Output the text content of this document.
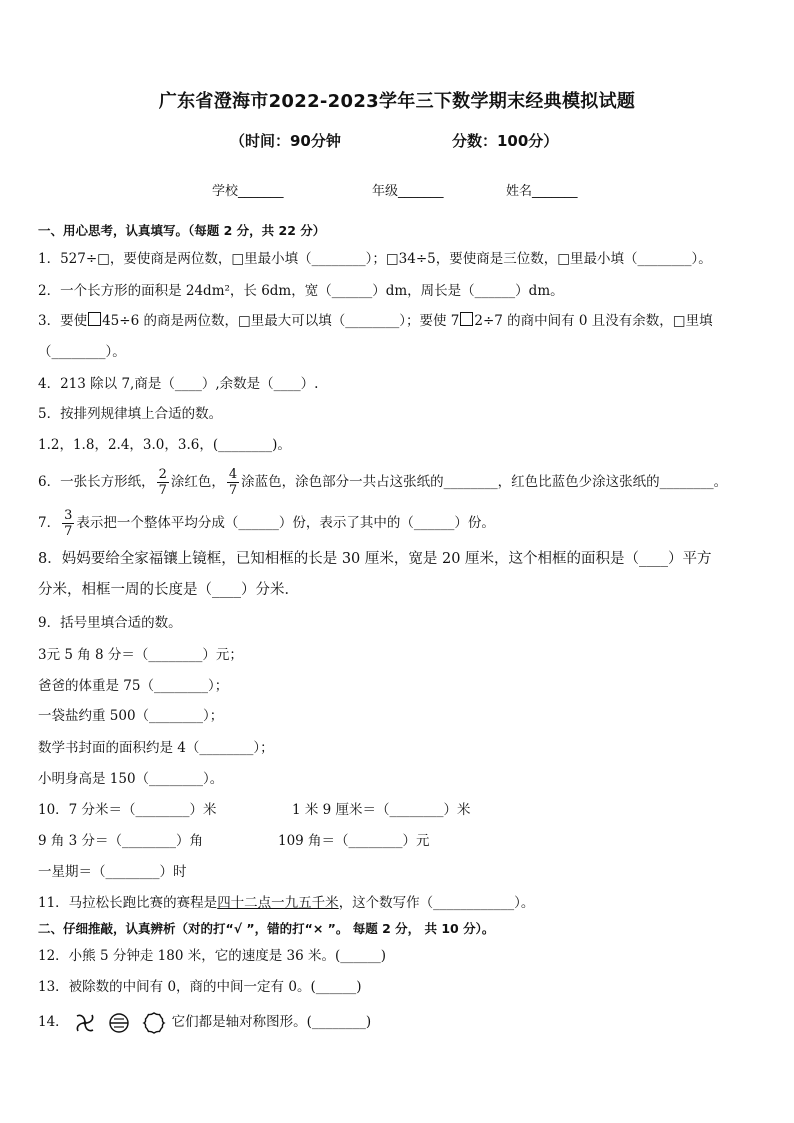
广东省澄海市2022-2023学年三下数学期末经典模拟试题
（时间：90分钟	分数：100分）
学校_______	年级_______	姓名_______
一、用心思考，认真填写。（每题 2 分，共 22 分）
1．527÷□，要使商是两位数，□里最小填（________）；□34÷5，要使商是三位数，□里最小填（________）。
2．一个长方形的面积是 24dm²，长 6dm，宽（______）dm，周长是（______）dm。
3．要使 45÷6 的商是两位数，□里最大可以填（________）；要使 7 2÷7 的商中间有 0 且没有余数，□里填
（________）。
4．213 除以 7,商是（____）,余数是（____）.
5．按排列规律填上合适的数。
1.2，1.8，2.4，3.0，3.6，(________)。
6．一张长方形纸， $\frac{2}{7}$ 涂红色， $\frac{4}{7}$ 涂蓝色，涂色部分一共占这张纸的________，红色比蓝色少涂这张纸的________。
7． $\frac{3}{7}$ 表示把一个整体平均分成（______）份，表示了其中的（______）份。
8．妈妈要给全家福镶上镜框，已知相框的长是 30 厘米，宽是 20 厘米，这个相框的面积是（____）平方
分米，相框一周的长度是（____）分米．
9．括号里填合适的数。
3元 5 角 8 分＝（________）元；
爸爸的体重是 75（________）；
一袋盐约重 500（________）；
数学书封面的面积约是 4（________）；
小明身高是 150（________）。
10．7 分米＝（________）米	1 米 9 厘米＝（________）米
9 角 3 分＝（________）角	109 角＝（________）元
一星期＝（________）时
11．马拉松长跑比赛的赛程是四十二点一九五千米，这个数写作（____________）。
二、仔细推敲，认真辨析（对的打“√ ”，错的打“× ”。 每题 2 分， 共 10 分）。
12．小熊 5 分钟走 180 米，它的速度是 36 米。(______)
13．被除数的中间有 0，商的中间一定有 0。(______)
14．	它们都是轴对称图形。(________)
